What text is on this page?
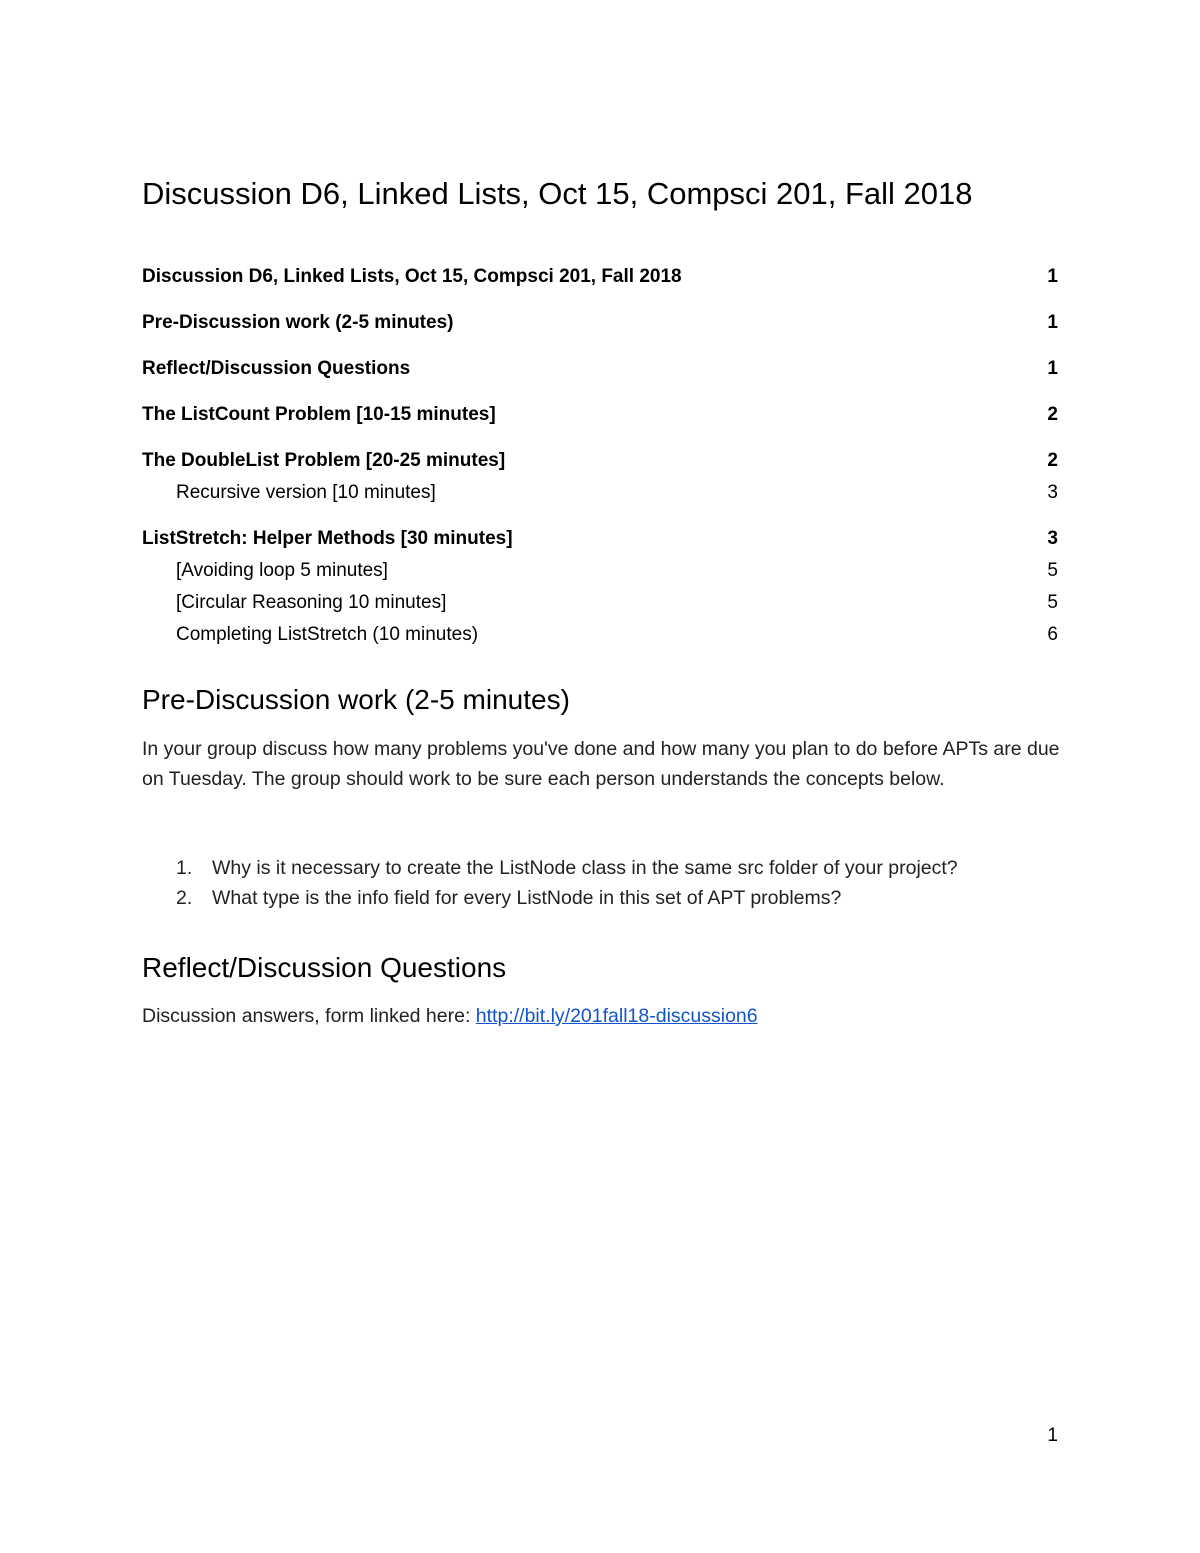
Discussion D6, Linked Lists, Oct 15, Compsci 201, Fall 2018
Discussion D6, Linked Lists, Oct 15, Compsci 201, Fall 2018	1
Pre-Discussion work (2-5 minutes)	1
Reflect/Discussion Questions	1
The ListCount Problem [10-15 minutes]	2
The DoubleList Problem [20-25 minutes]	2
Recursive version [10 minutes]	3
ListStretch: Helper Methods [30 minutes]	3
[Avoiding loop 5 minutes]	5
[Circular Reasoning 10 minutes]	5
Completing ListStretch (10 minutes)	6
Pre-Discussion work (2-5 minutes)
In your group discuss how many problems you've done and how many you plan to do before APTs are due on Tuesday. The group should work to be sure each person understands the concepts below.
1.	Why is it necessary to create the ListNode class in the same src folder of your project?
2.	What type is the info field for every ListNode in this set of APT problems?
Reflect/Discussion Questions
Discussion answers, form linked here: http://bit.ly/201fall18-discussion6
1
